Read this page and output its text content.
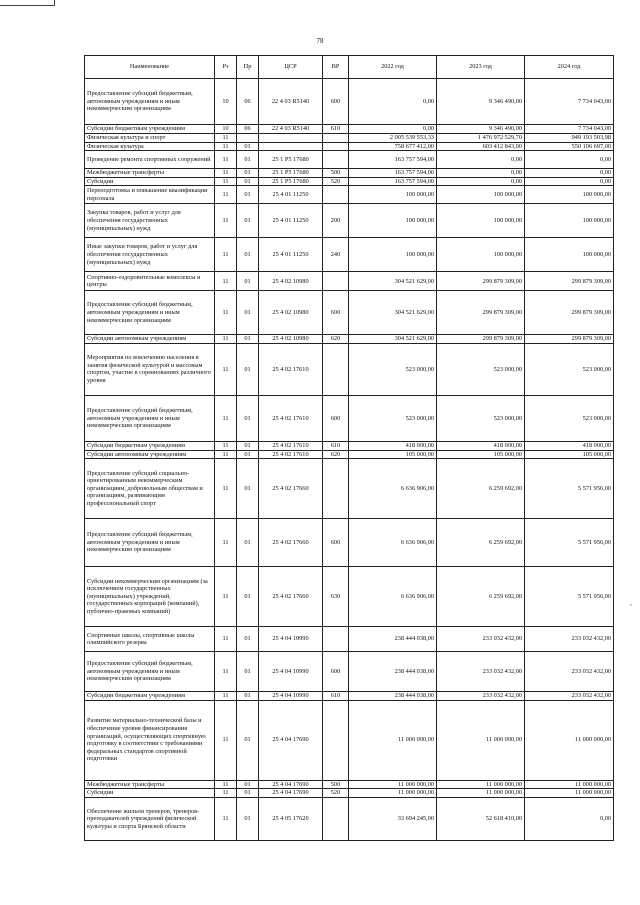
78
,
Наименование	Рз	Пр	ЦСР	ВР	2022 год	2023 год	2024 год
Предоставление субсидий бюджетным, автономным учреждениям и иным некоммерческим организациям	10	06	22 4 03 R5140	600	0,00	9 346 490,00	7 734 043,00
Субсидии бюджетным учреждениям	10	06	22 4 03 R5140	610	0,00	9 346 490,00	7 734 043,00
Физическая культура и спорт	11				2 005 539 553,33	1 476 972 529,70	949 193 503,98
Физическая культура	11	01			758 677 412,00	603 412 843,00	550 106 697,00
Проведение ремонта спортивных сооружений	11	01	25 1 P5 17680		163 757 594,00	0,00	0,00
Межбюджетные трансферты	11	01	25 1 P5 17680	500	163 757 594,00	0,00	0,00
Субсидии	11	01	25 1 P5 17680	520	163 757 594,00	0,00	0,00
Переподготовка и повышение квалификации персонала	11	01	25 4 01 11250		100 000,00	100 000,00	100 000,00
Закупка товаров, работ и услуг для обеспечения государственных (муниципальных) нужд	11	01	25 4 01 11250	200	100 000,00	100 000,00	100 000,00
Иные закупки товаров, работ и услуг для обеспечения государственных (муниципальных) нужд	11	01	25 4 01 11250	240	100 000,00	100 000,00	100 000,00
Спортивно-оздоровительные комплексы и центры	11	01	25 4 02 10980		304 521 629,00	299 879 309,00	299 879 309,00
Предоставление субсидий бюджетным, автономным учреждениям и иным некоммерческим организациям	11	01	25 4 02 10980	600	304 521 629,00	299 879 309,00	299 879 309,00
Субсидии автономным учреждениям	11	01	25 4 02 10980	620	304 521 629,00	299 879 309,00	299 879 309,00
Мероприятия по вовлечению населения в занятия физической культурой и массовым спортом, участие в соревнованиях различного уровня	11	01	25 4 02 17610		523 000,00	523 000,00	523 000,00
Предоставление субсидий бюджетным, автономным учреждениям и иным некоммерческим организациям	11	01	25 4 02 17610	600	523 000,00	523 000,00	523 000,00
Субсидии бюджетным учреждениям	11	01	25 4 02 17610	610	418 000,00	418 000,00	418 000,00
Субсидии автономным учреждениям	11	01	25 4 02 17610	620	105 000,00	105 000,00	105 000,00
Предоставление субсидий социально-ориентированным некоммерческим организациям, добровольным обществам и организациям, развивающим профессиональный спорт	11	01	25 4 02 17660		6 636 906,00	6 259 692,00	5 571 956,00
Предоставление субсидий бюджетным, автономным учреждениям и иным некоммерческим организациям	11	01	25 4 02 17660	600	6 636 906,00	6 259 692,00	5 571 956,00
Субсидии некоммерческим организациям (за исключением государственных (муниципальных) учреждений, государственных корпораций (компаний), публично-правовых компаний)	11	01	25 4 02 17660	630	6 636 906,00	6 259 692,00	5 571 956,00
Спортивные школы, спортивные школы олимпийского резерва	11	01	25 4 04 10990		238 444 038,00	233 032 432,00	233 032 432,00
Предоставление субсидий бюджетным, автономным учреждениям и иным некоммерческим организациям	11	01	25 4 04 10990	600	238 444 038,00	233 032 432,00	233 032 432,00
Субсидии бюджетным учреждениям	11	01	25 4 04 10990	610	238 444 038,00	233 032 432,00	233 032 432,00
Развитие материально-технической базы и обеспечение уровня финансирования организаций, осуществляющих спортивную подготовку в соответствии с требованиями федеральных стандартов спортивной подготовки	11	01	25 4 04 17690		11 000 000,00	11 000 000,00	11 000 000,00
Межбюджетные трансферты	11	01	25 4 04 17690	500	11 000 000,00	11 000 000,00	11 000 000,00
Субсидии	11	01	25 4 04 17690	520	11 000 000,00	11 000 000,00	11 000 000,00
Обеспечение жильем тренеров, тренеров-преподавателей учреждений физической культуры и спорта Брянской области	11	01	25 4 05 17620		33 694 245,00	52 618 410,00	0,00
